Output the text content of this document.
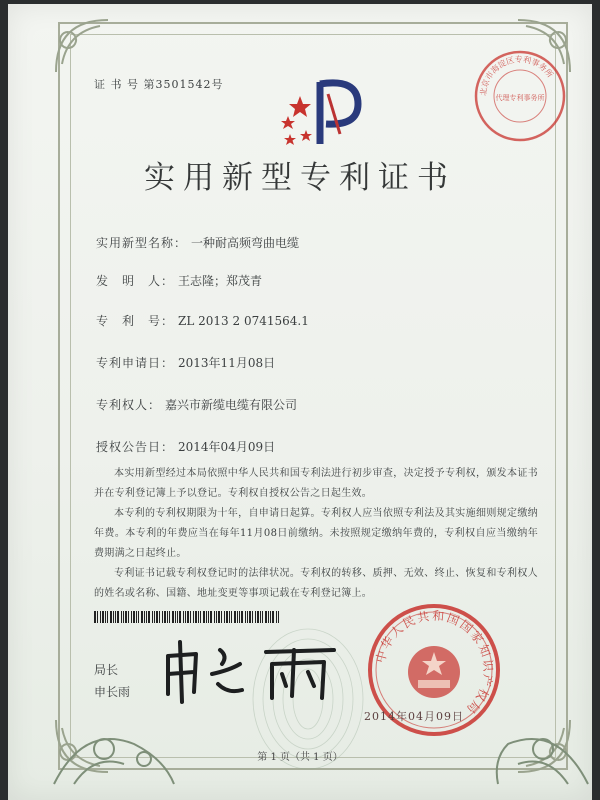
证 书 号 第3501542号
北京市海淀区专利事务所
代理专利事务所
实用新型专利证书
实用新型名称： 一种耐高频弯曲电缆
发　明　人： 王志隆；郑茂青
专　利　号： ZL 2013 2 0741564.1
专利申请日： 2013年11月08日
专利权人： 嘉兴市新缆电缆有限公司
授权公告日： 2014年04月09日
本实用新型经过本局依照中华人民共和国专利法进行初步审查，决定授予专利权，颁发本证书并在专利登记簿上予以登记。专利权自授权公告之日起生效。
本专利的专利权期限为十年，自申请日起算。专利权人应当依照专利法及其实施细则规定缴纳年费。本专利的年费应当在每年11月08日前缴纳。未按照规定缴纳年费的，专利权自应当缴纳年费期满之日起终止。
专利证书记载专利权登记时的法律状况。专利权的转移、质押、无效、终止、恢复和专利权人的姓名或名称、国籍、地址变更等事项记载在专利登记簿上。
局长
申长雨
中华人民共和国国家知识产权局
2014年04月09日
第 1 页（共 1 页）
